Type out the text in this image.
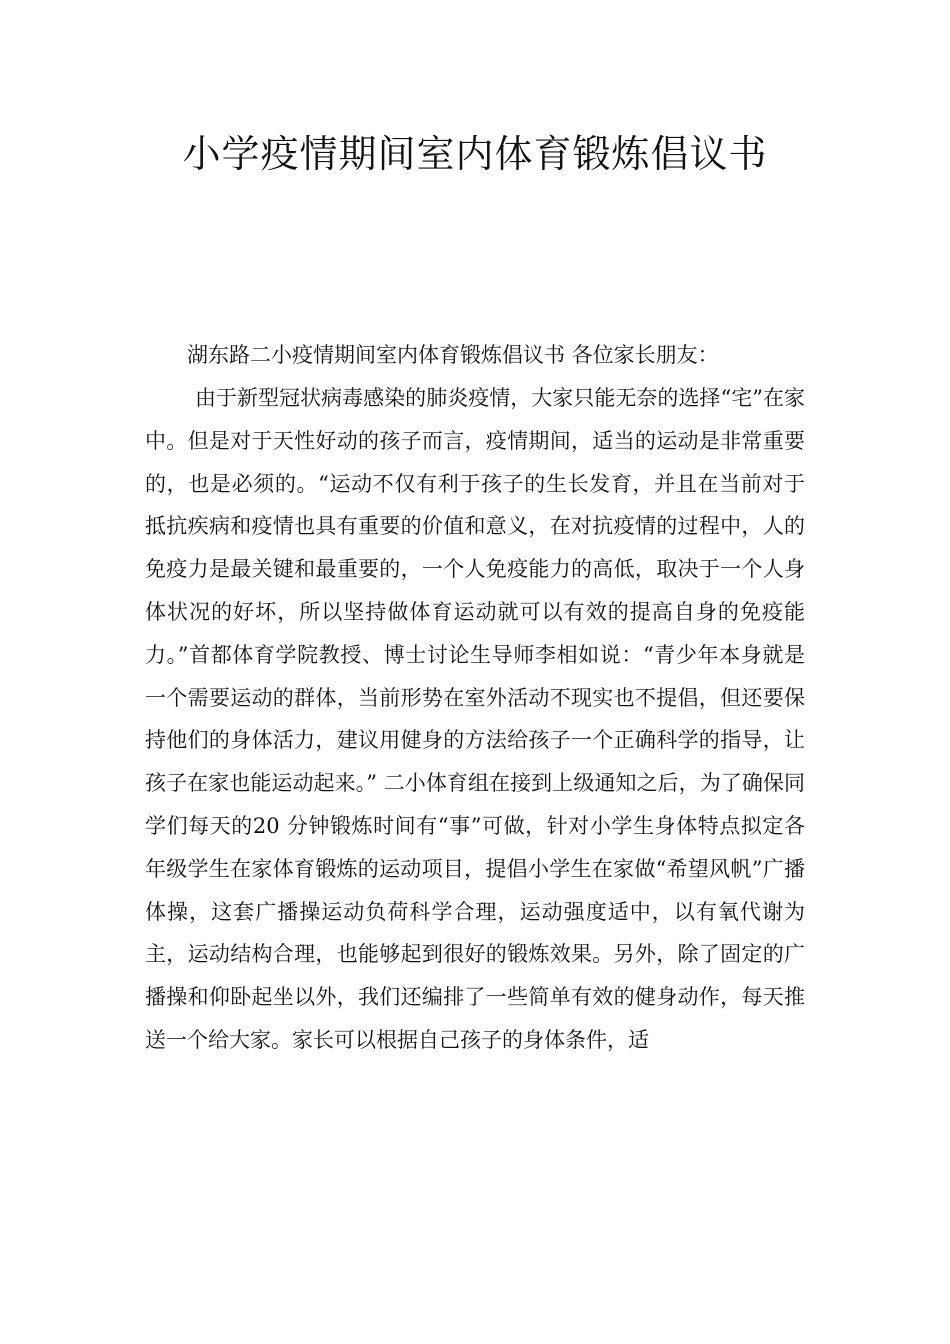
小学疫情期间室内体育锻炼倡议书

湖东路二小疫情期间室内体育锻炼倡议书 各位家长朋友：

由于新型冠状病毒感染的肺炎疫情，大家只能无奈的选择“宅”在家中。但是对于天性好动的孩子而言，疫情期间，适当的运动是非常重要的，也是必须的。“运动不仅有利于孩子的生长发育，并且在当前对于抵抗疾病和疫情也具有重要的价值和意义，在对抗疫情的过程中，人的免疫力是最关键和最重要的，一个人免疫能力的高低，取决于一个人身体状况的好坏，所以坚持做体育运动就可以有效的提高自身的免疫能力。”首都体育学院教授、博士讨论生导师李相如说：“青少年本身就是一个需要运动的群体，当前形势在室外活动不现实也不提倡，但还要保持他们的身体活力，建议用健身的方法给孩子一个正确科学的指导，让孩子在家也能运动起来。” 二小体育组在接到上级通知之后，为了确保同学们每天的20 分钟锻炼时间有“事”可做，针对小学生身体特点拟定各年级学生在家体育锻炼的运动项目，提倡小学生在家做“希望风帆”广播体操，这套广播操运动负荷科学合理，运动强度适中，以有氧代谢为主，运动结构合理，也能够起到很好的锻炼效果。另外，除了固定的广播操和仰卧起坐以外，我们还编排了一些简单有效的健身动作，每天推送一个给大家。家长可以根据自己孩子的身体条件，适
